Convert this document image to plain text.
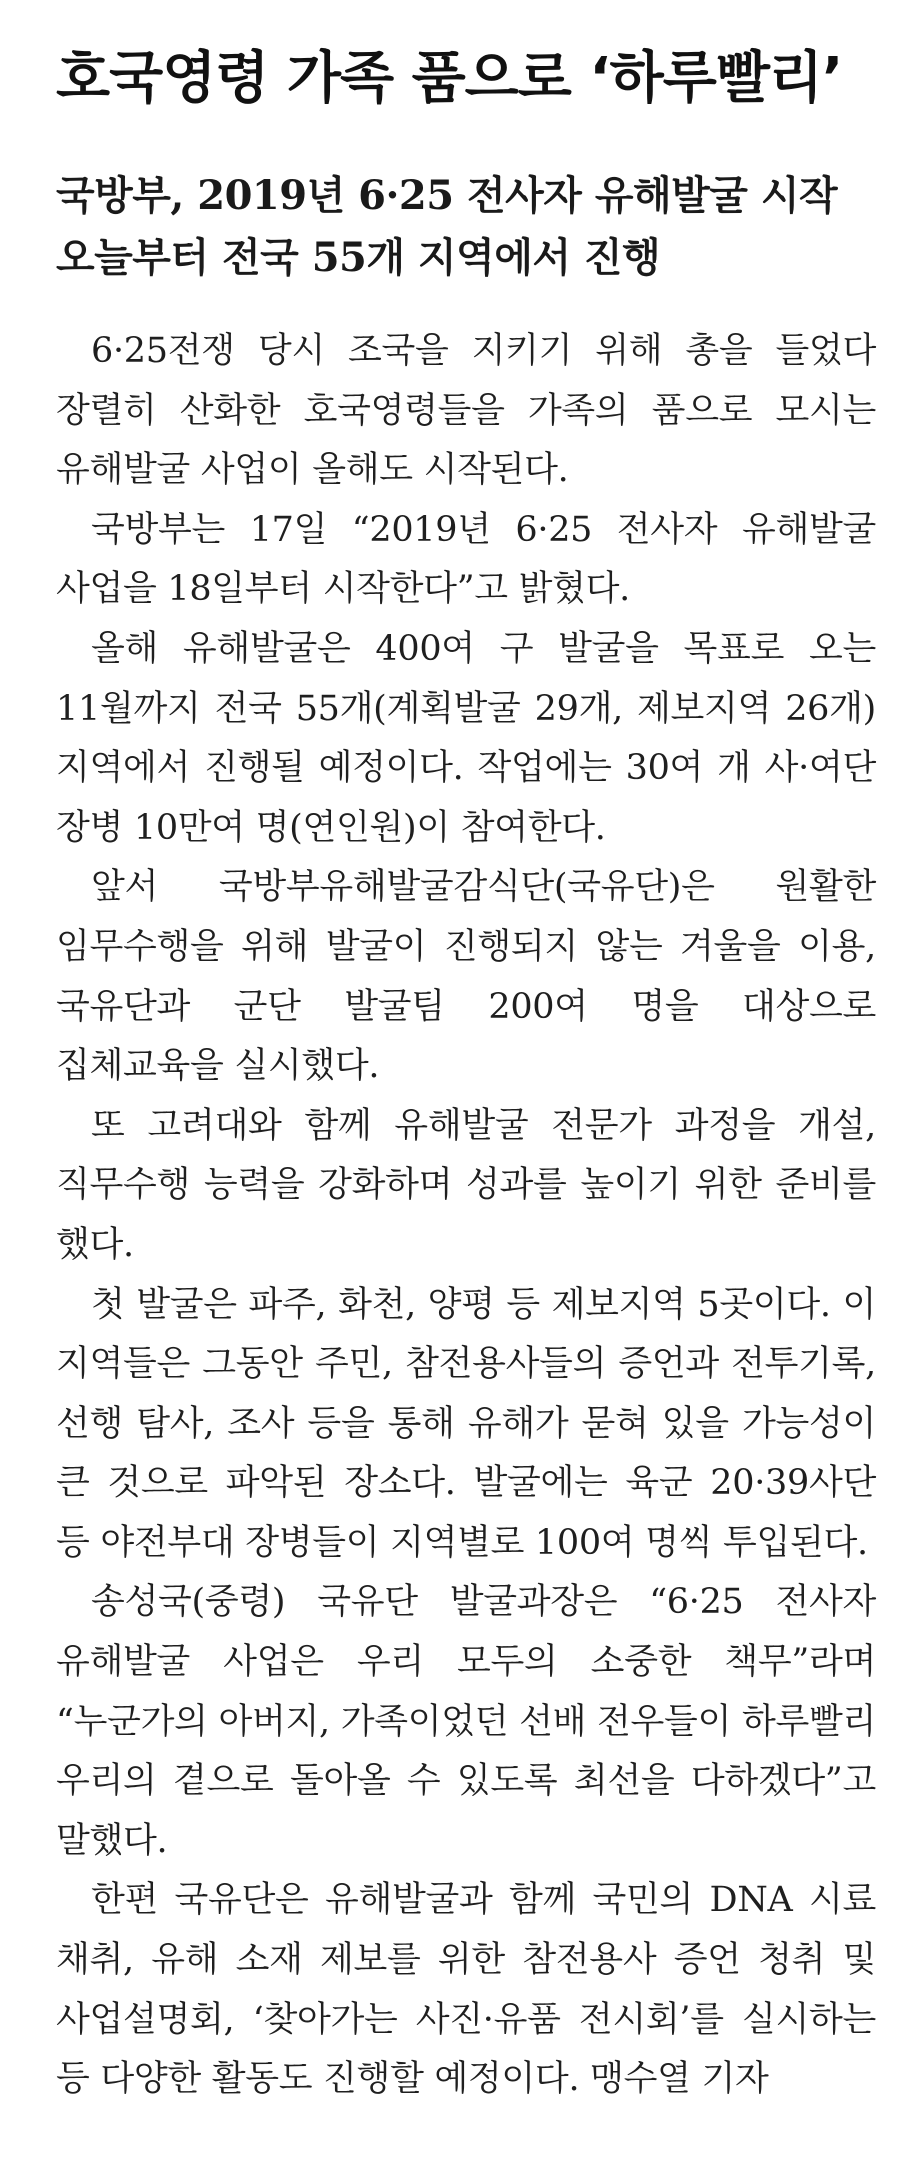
호국영령 가족 품으로 ‘하루빨리’
국방부, 2019년 6·25 전사자 유해발굴 시작
오늘부터 전국 55개 지역에서 진행

6·25전쟁 당시 조국을 지키기 위해 총을 들었다 장렬히 산화한 호국영령들을 가족의 품으로 모시는 유해발굴 사업이 올해도 시작된다.

국방부는 17일 “2019년 6·25 전사자 유해발굴 사업을 18일부터 시작한다”고 밝혔다.

올해 유해발굴은 400여 구 발굴을 목표로 오는 11월까지 전국 55개(계획발굴 29개, 제보지역 26개) 지역에서 진행될 예정이다. 작업에는 30여 개 사·여단 장병 10만여 명(연인원)이 참여한다.

앞서 국방부유해발굴감식단(국유단)은 원활한 임무수행을 위해 발굴이 진행되지 않는 겨울을 이용, 국유단과 군단 발굴팀 200여 명을 대상으로 집체교육을 실시했다.

또 고려대와 함께 유해발굴 전문가 과정을 개설, 직무수행 능력을 강화하며 성과를 높이기 위한 준비를 했다.

첫 발굴은 파주, 화천, 양평 등 제보지역 5곳이다. 이 지역들은 그동안 주민, 참전용사들의 증언과 전투기록, 선행 탐사, 조사 등을 통해 유해가 묻혀 있을 가능성이 큰 것으로 파악된 장소다. 발굴에는 육군 20·39사단 등 야전부대 장병들이 지역별로 100여 명씩 투입된다.

송성국(중령) 국유단 발굴과장은 “6·25 전사자 유해발굴 사업은 우리 모두의 소중한 책무”라며 “누군가의 아버지, 가족이었던 선배 전우들이 하루빨리 우리의 곁으로 돌아올 수 있도록 최선을 다하겠다”고 말했다.

한편 국유단은 유해발굴과 함께 국민의 DNA 시료 채취, 유해 소재 제보를 위한 참전용사 증언 청취 및 사업설명회, ‘찾아가는 사진·유품 전시회’를 실시하는 등 다양한 활동도 진행할 예정이다. 맹수열 기자
